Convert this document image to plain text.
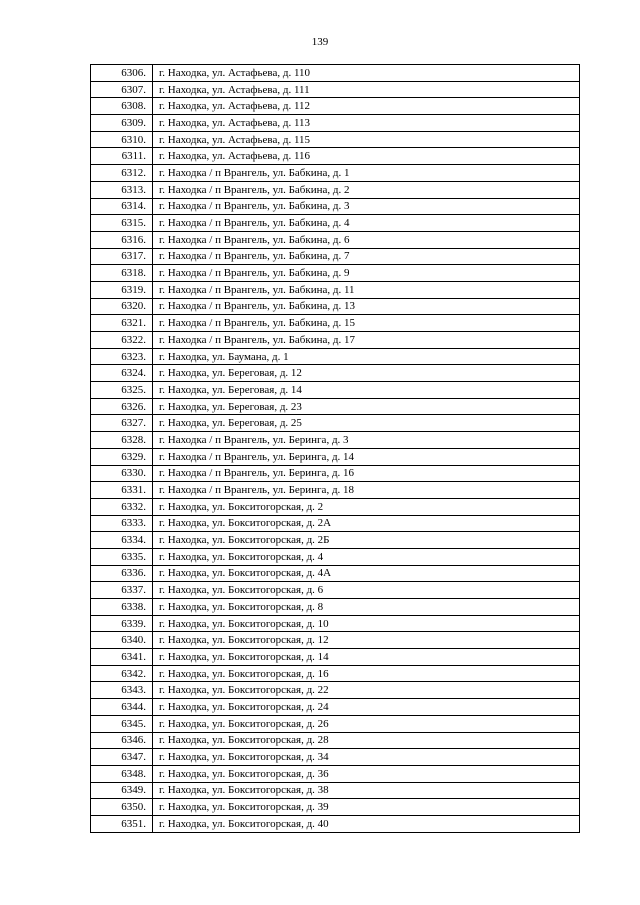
139
6306.	г. Находка, ул. Астафьева, д. 110
6307.	г. Находка, ул. Астафьева, д. 111
6308.	г. Находка, ул. Астафьева, д. 112
6309.	г. Находка, ул. Астафьева, д. 113
6310.	г. Находка, ул. Астафьева, д. 115
6311.	г. Находка, ул. Астафьева, д. 116
6312.	г. Находка / п Врангель, ул. Бабкина, д. 1
6313.	г. Находка / п Врангель, ул. Бабкина, д. 2
6314.	г. Находка / п Врангель, ул. Бабкина, д. 3
6315.	г. Находка / п Врангель, ул. Бабкина, д. 4
6316.	г. Находка / п Врангель, ул. Бабкина, д. 6
6317.	г. Находка / п Врангель, ул. Бабкина, д. 7
6318.	г. Находка / п Врангель, ул. Бабкина, д. 9
6319.	г. Находка / п Врангель, ул. Бабкина, д. 11
6320.	г. Находка / п Врангель, ул. Бабкина, д. 13
6321.	г. Находка / п Врангель, ул. Бабкина, д. 15
6322.	г. Находка / п Врангель, ул. Бабкина, д. 17
6323.	г. Находка, ул. Баумана, д. 1
6324.	г. Находка, ул. Береговая, д. 12
6325.	г. Находка, ул. Береговая, д. 14
6326.	г. Находка, ул. Береговая, д. 23
6327.	г. Находка, ул. Береговая, д. 25
6328.	г. Находка / п Врангель, ул. Беринга, д. 3
6329.	г. Находка / п Врангель, ул. Беринга, д. 14
6330.	г. Находка / п Врангель, ул. Беринга, д. 16
6331.	г. Находка / п Врангель, ул. Беринга, д. 18
6332.	г. Находка, ул. Бокситогорская, д. 2
6333.	г. Находка, ул. Бокситогорская, д. 2А
6334.	г. Находка, ул. Бокситогорская, д. 2Б
6335.	г. Находка, ул. Бокситогорская, д. 4
6336.	г. Находка, ул. Бокситогорская, д. 4А
6337.	г. Находка, ул. Бокситогорская, д. 6
6338.	г. Находка, ул. Бокситогорская, д. 8
6339.	г. Находка, ул. Бокситогорская, д. 10
6340.	г. Находка, ул. Бокситогорская, д. 12
6341.	г. Находка, ул. Бокситогорская, д. 14
6342.	г. Находка, ул. Бокситогорская, д. 16
6343.	г. Находка, ул. Бокситогорская, д. 22
6344.	г. Находка, ул. Бокситогорская, д. 24
6345.	г. Находка, ул. Бокситогорская, д. 26
6346.	г. Находка, ул. Бокситогорская, д. 28
6347.	г. Находка, ул. Бокситогорская, д. 34
6348.	г. Находка, ул. Бокситогорская, д. 36
6349.	г. Находка, ул. Бокситогорская, д. 38
6350.	г. Находка, ул. Бокситогорская, д. 39
6351.	г. Находка, ул. Бокситогорская, д. 40
